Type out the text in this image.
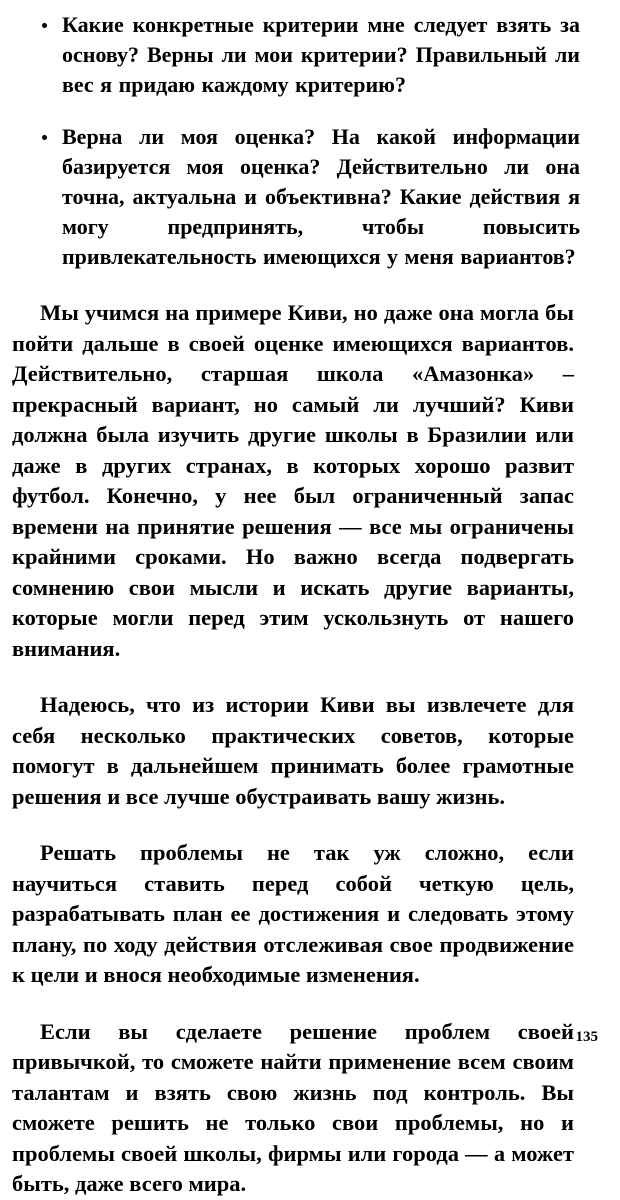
Какие конкретные критерии мне следует взять за основу? Верны ли мои критерии? Правильный ли вес я придаю каждому критерию?

Верна ли моя оценка? На какой информации базируется моя оценка? Действительно ли она точна, актуальна и объективна? Какие действия я могу предпринять, чтобы повысить привлекательность имеющихся у меня вариантов?

Мы учимся на примере Киви, но даже она могла бы пойти дальше в своей оценке имеющихся вариантов. Действительно, старшая школа «Амазонка» – прекрасный вариант, но самый ли лучший? Киви должна была изучить другие школы в Бразилии или даже в других странах, в которых хорошо развит футбол. Конечно, у нее был ограниченный запас времени на принятие решения — все мы ограничены крайними сроками. Но важно всегда подвергать сомнению свои мысли и искать другие варианты, которые могли перед этим ускользнуть от нашего внимания.

Надеюсь, что из истории Киви вы извлечете для себя несколько практических советов, которые помогут в дальнейшем принимать более грамотные решения и все лучше обустраивать вашу жизнь.

Решать проблемы не так уж сложно, если научиться ставить перед собой четкую цель, разрабатывать план ее достижения и следовать этому плану, по ходу действия отслеживая свое продвижение к цели и внося необходимые изменения.

Если вы сделаете решение проблем своей привычкой, то сможете найти применение всем своим талантам и взять свою жизнь под контроль. Вы сможете решить не только свои проблемы, но и проблемы своей школы, фирмы или города — а может быть, даже всего мира.

135
